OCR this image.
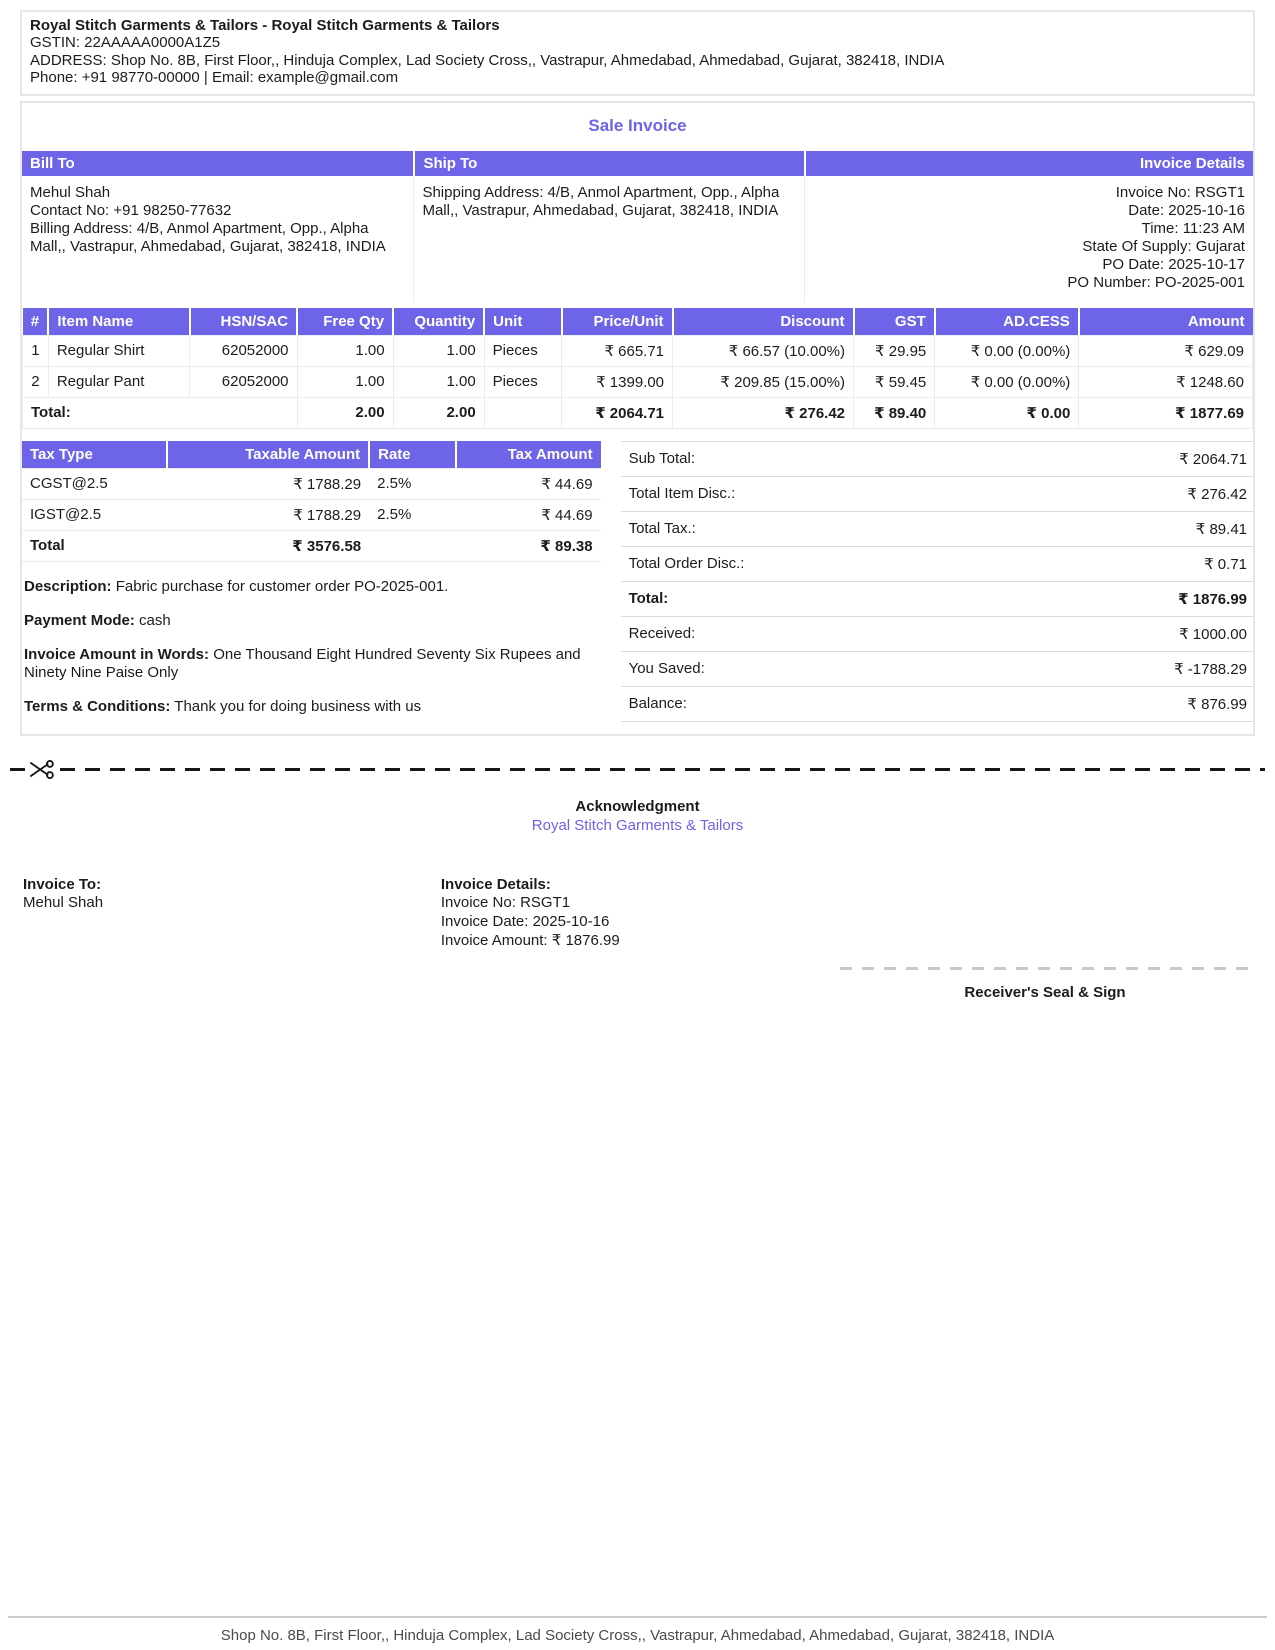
Royal Stitch Garments & Tailors - Royal Stitch Garments & Tailors
GSTIN: 22AAAAA0000A1Z5
ADDRESS: Shop No. 8B, First Floor,, Hinduja Complex, Lad Society Cross,, Vastrapur, Ahmedabad, Ahmedabad, Gujarat, 382418, INDIA
Phone: +91 98770-00000 | Email: example@gmail.com
Sale Invoice
Bill To	Ship To	Invoice Details
Mehul Shah
Contact No: +91 98250-77632
Billing Address: 4/B, Anmol Apartment, Opp., Alpha Mall,, Vastrapur, Ahmedabad, Gujarat, 382418, INDIA
Shipping Address: 4/B, Anmol Apartment, Opp., Alpha Mall,, Vastrapur, Ahmedabad, Gujarat, 382418, INDIA
Invoice No: RSGT1
Date: 2025-10-16
Time: 11:23 AM
State Of Supply: Gujarat
PO Date: 2025-10-17
PO Number: PO-2025-001
#	Item Name	HSN/SAC	Free Qty	Quantity	Unit	Price/Unit	Discount	GST	AD.CESS	Amount
1	Regular Shirt	62052000	1.00	1.00	Pieces	₹ 665.71	₹ 66.57 (10.00%)	₹ 29.95	₹ 0.00 (0.00%)	₹ 629.09
2	Regular Pant	62052000	1.00	1.00	Pieces	₹ 1399.00	₹ 209.85 (15.00%)	₹ 59.45	₹ 0.00 (0.00%)	₹ 1248.60
Total:			2.00	2.00		₹ 2064.71	₹ 276.42	₹ 89.40	₹ 0.00	₹ 1877.69
Tax Type	Taxable Amount	Rate	Tax Amount
CGST@2.5	₹ 1788.29	2.5%	₹ 44.69
IGST@2.5	₹ 1788.29	2.5%	₹ 44.69
Total	₹ 3576.58		₹ 89.38
Description: Fabric purchase for customer order PO-2025-001.
Payment Mode: cash
Invoice Amount in Words: One Thousand Eight Hundred Seventy Six Rupees and Ninety Nine Paise Only
Terms & Conditions: Thank you for doing business with us
Sub Total:	₹ 2064.71
Total Item Disc.:	₹ 276.42
Total Tax.:	₹ 89.41
Total Order Disc.:	₹ 0.71
Total:	₹ 1876.99
Received:	₹ 1000.00
You Saved:	₹ -1788.29
Balance:	₹ 876.99
Acknowledgment
Royal Stitch Garments & Tailors
Invoice To:
Mehul Shah
Invoice Details:
Invoice No: RSGT1
Invoice Date: 2025-10-16
Invoice Amount: ₹ 1876.99
Receiver's Seal & Sign
Shop No. 8B, First Floor,, Hinduja Complex, Lad Society Cross,, Vastrapur, Ahmedabad, Ahmedabad, Gujarat, 382418, INDIA
